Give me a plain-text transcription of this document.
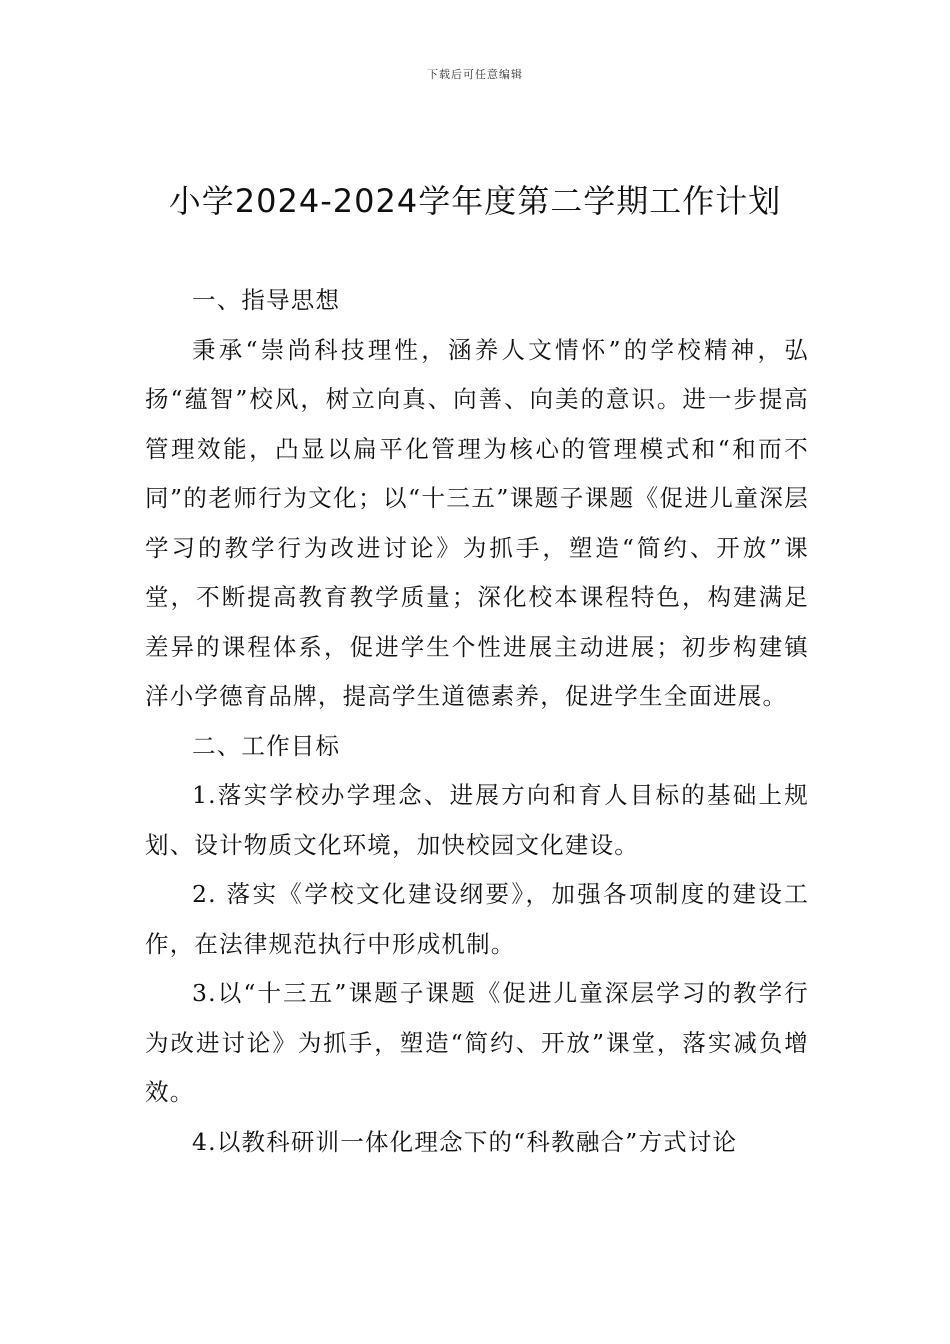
下载后可任意编辑
小学2024-2024学年度第二学期工作计划

一、指导思想

秉承“崇尚科技理性，涵养人文情怀”的学校精神，弘扬“蕴智”校风，树立向真、向善、向美的意识。进一步提高管理效能，凸显以扁平化管理为核心的管理模式和“和而不同”的老师行为文化；以“十三五”课题子课题《促进儿童深层学习的教学行为改进讨论》为抓手，塑造“简约、开放”课堂，不断提高教育教学质量；深化校本课程特色，构建满足差异的课程体系，促进学生个性进展主动进展；初步构建镇洋小学德育品牌，提高学生道德素养，促进学生全面进展。

二、工作目标

1.落实学校办学理念、进展方向和育人目标的基础上规划、设计物质文化环境，加快校园文化建设。

2. 落实《学校文化建设纲要》，加强各项制度的建设工作，在法律规范执行中形成机制。

3.以“十三五”课题子课题《促进儿童深层学习的教学行为改进讨论》为抓手，塑造“简约、开放”课堂，落实减负增效。

4.以教科研训一体化理念下的“科教融合”方式讨论
